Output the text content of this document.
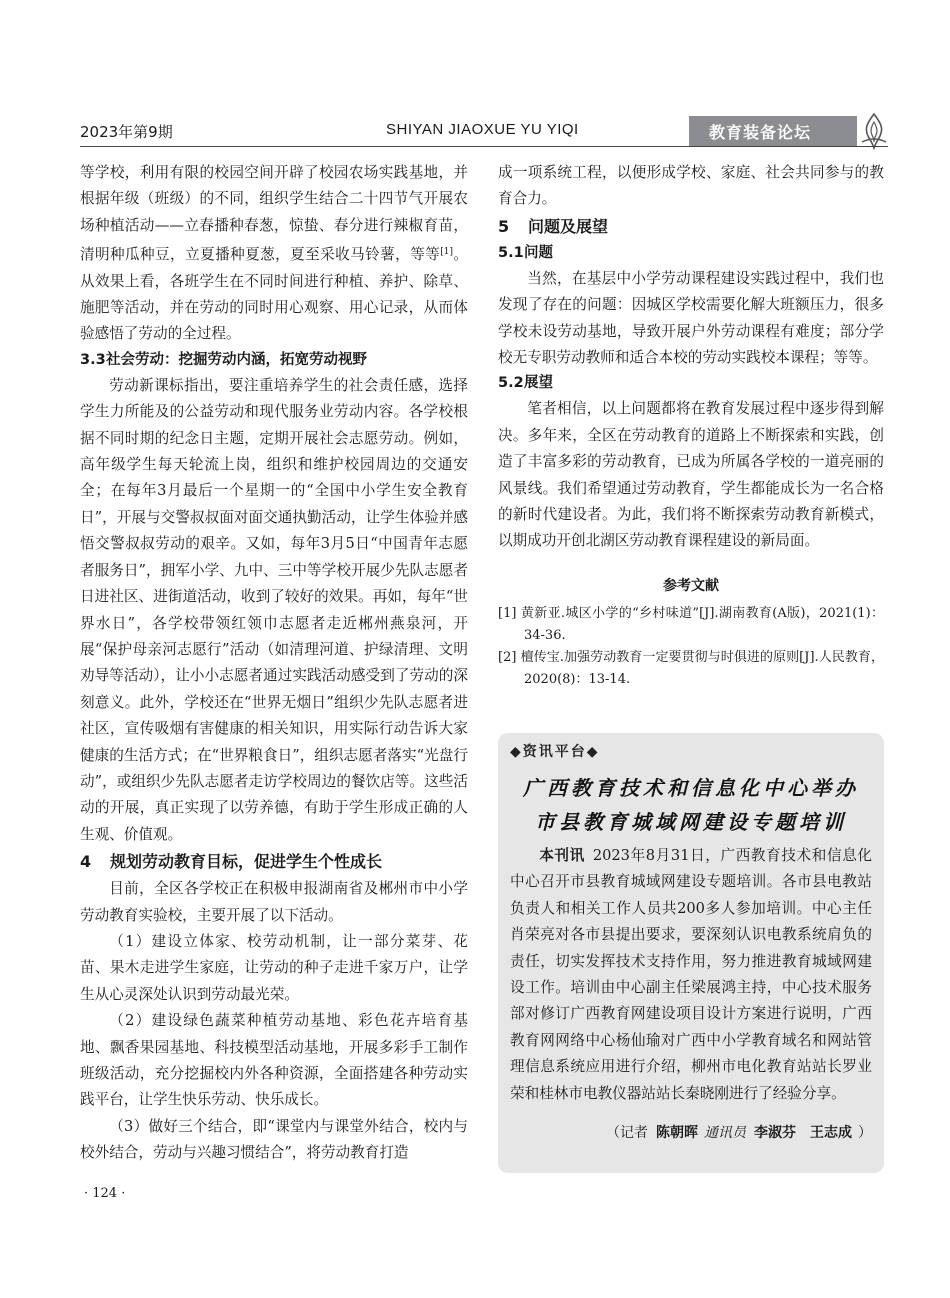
2023年第9期	SHIYAN JIAOXUE YU YIQI	教育装备论坛

等学校，利用有限的校园空间开辟了校园农场实践基地，并根据年级（班级）的不同，组织学生结合二十四节气开展农场种植活动——立春播种春葱，惊蛰、春分进行辣椒育苗，清明种瓜种豆，立夏播种夏葱，夏至采收马铃薯，等等[1]。从效果上看，各班学生在不同时间进行种植、养护、除草、施肥等活动，并在劳动的同时用心观察、用心记录，从而体验感悟了劳动的全过程。

3.3社会劳动：挖掘劳动内涵，拓宽劳动视野

劳动新课标指出，要注重培养学生的社会责任感，选择学生力所能及的公益劳动和现代服务业劳动内容。各学校根据不同时期的纪念日主题，定期开展社会志愿劳动。例如，高年级学生每天轮流上岗，组织和维护校园周边的交通安全；在每年3月最后一个星期一的“全国中小学生安全教育日”，开展与交警叔叔面对面交通执勤活动，让学生体验并感悟交警叔叔劳动的艰辛。又如，每年3月5日“中国青年志愿者服务日”，拥军小学、九中、三中等学校开展少先队志愿者日进社区、进街道活动，收到了较好的效果。再如，每年“世界水日”，各学校带领红领巾志愿者走近郴州燕泉河，开展“保护母亲河志愿行”活动（如清理河道、护绿清理、文明劝导等活动），让小小志愿者通过实践活动感受到了劳动的深刻意义。此外，学校还在“世界无烟日”组织少先队志愿者进社区，宣传吸烟有害健康的相关知识，用实际行动告诉大家健康的生活方式；在“世界粮食日”，组织志愿者落实“光盘行动”，或组织少先队志愿者走访学校周边的餐饮店等。这些活动的开展，真正实现了以劳养德，有助于学生形成正确的人生观、价值观。

4 规划劳动教育目标，促进学生个性成长

目前，全区各学校正在积极申报湖南省及郴州市中小学劳动教育实验校，主要开展了以下活动。

（1）建设立体家、校劳动机制，让一部分菜芽、花苗、果木走进学生家庭，让劳动的种子走进千家万户，让学生从心灵深处认识到劳动最光荣。

（2）建设绿色蔬菜种植劳动基地、彩色花卉培育基地、飘香果园基地、科技模型活动基地，开展多彩手工制作班级活动，充分挖掘校内外各种资源，全面搭建各种劳动实践平台，让学生快乐劳动、快乐成长。

（3）做好三个结合，即“课堂内与课堂外结合，校内与校外结合，劳动与兴趣习惯结合”，将劳动教育打造

成一项系统工程，以便形成学校、家庭、社会共同参与的教育合力。

5 问题及展望
5.1问题

当然，在基层中小学劳动课程建设实践过程中，我们也发现了存在的问题：因城区学校需要化解大班额压力，很多学校未设劳动基地，导致开展户外劳动课程有难度；部分学校无专职劳动教师和适合本校的劳动实践校本课程；等等。

5.2展望

笔者相信，以上问题都将在教育发展过程中逐步得到解决。多年来，全区在劳动教育的道路上不断探索和实践，创造了丰富多彩的劳动教育，已成为所属各学校的一道亮丽的风景线。我们希望通过劳动教育，学生都能成长为一名合格的新时代建设者。为此，我们将不断探索劳动教育新模式，以期成功开创北湖区劳动教育课程建设的新局面。

参考文献

[1] 黄新亚.城区小学的“乡村味道”[J].湖南教育(A版)，2021(1)：34-36.

[2] 檀传宝.加强劳动教育一定要贯彻与时俱进的原则[J].人民教育，2020(8)：13-14.

◆资讯平台◆
广西教育技术和信息化中心举办
市县教育城域网建设专题培训

本刊讯 2023年8月31日，广西教育技术和信息化中心召开市县教育城域网建设专题培训。各市县电教站负责人和相关工作人员共200多人参加培训。中心主任肖荣亮对各市县提出要求，要深刻认识电教系统肩负的责任，切实发挥技术支持作用，努力推进教育城域网建设工作。培训由中心副主任梁展鸿主持，中心技术服务部对修订广西教育网建设项目设计方案进行说明，广西教育网网络中心杨仙瑜对广西中小学教育域名和网站管理信息系统应用进行介绍，柳州市电化教育站站长罗业荣和桂林市电教仪器站站长秦晓刚进行了经验分享。

（记者 陈朝晖 通讯员 李淑芬 王志成 ）
· 124 ·
